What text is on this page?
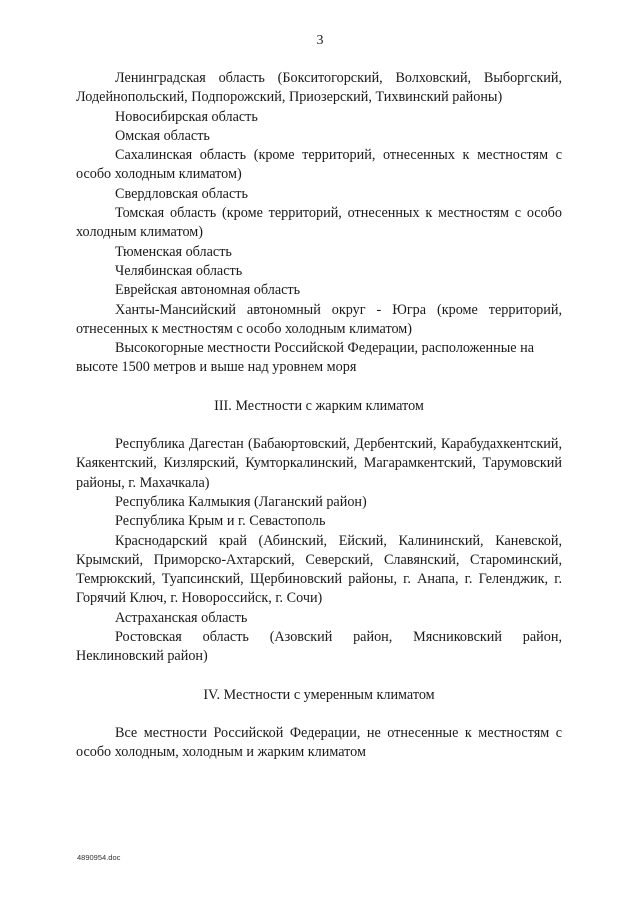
3

Ленинградская область (Бокситогорский, Волховский, Выборгский, Лодейнопольский, Подпорожский, Приозерский, Тихвинский районы)

Новосибирская область

Омская область

Сахалинская область (кроме территорий, отнесенных к местностям с особо холодным климатом)

Свердловская область

Томская область (кроме территорий, отнесенных к местностям с особо холодным климатом)

Тюменская область

Челябинская область

Еврейская автономная область

Ханты-Мансийский автономный округ - Югра (кроме территорий, отнесенных к местностям с особо холодным климатом)

Высокогорные местности Российской Федерации, расположенные на высоте 1500 метров и выше над уровнем моря

III. Местности с жарким климатом

Республика Дагестан (Бабаюртовский, Дербентский, Карабудахкентский, Каякентский, Кизлярский, Кумторкалинский, Магарамкентский, Тарумовский районы, г. Махачкала)

Республика Калмыкия (Лаганский район)

Республика Крым и г. Севастополь

Краснодарский край (Абинский, Ейский, Калининский, Каневской, Крымский, Приморско-Ахтарский, Северский, Славянский, Староминский, Темрюкский, Туапсинский, Щербиновский районы, г. Анапа, г. Геленджик, г. Горячий Ключ, г. Новороссийск, г. Сочи)

Астраханская область

Ростовская область (Азовский район, Мясниковский район, Неклиновский район)

IV. Местности с умеренным климатом

Все местности Российской Федерации, не отнесенные к местностям с особо холодным, холодным и жарким климатом

4890954.doc
